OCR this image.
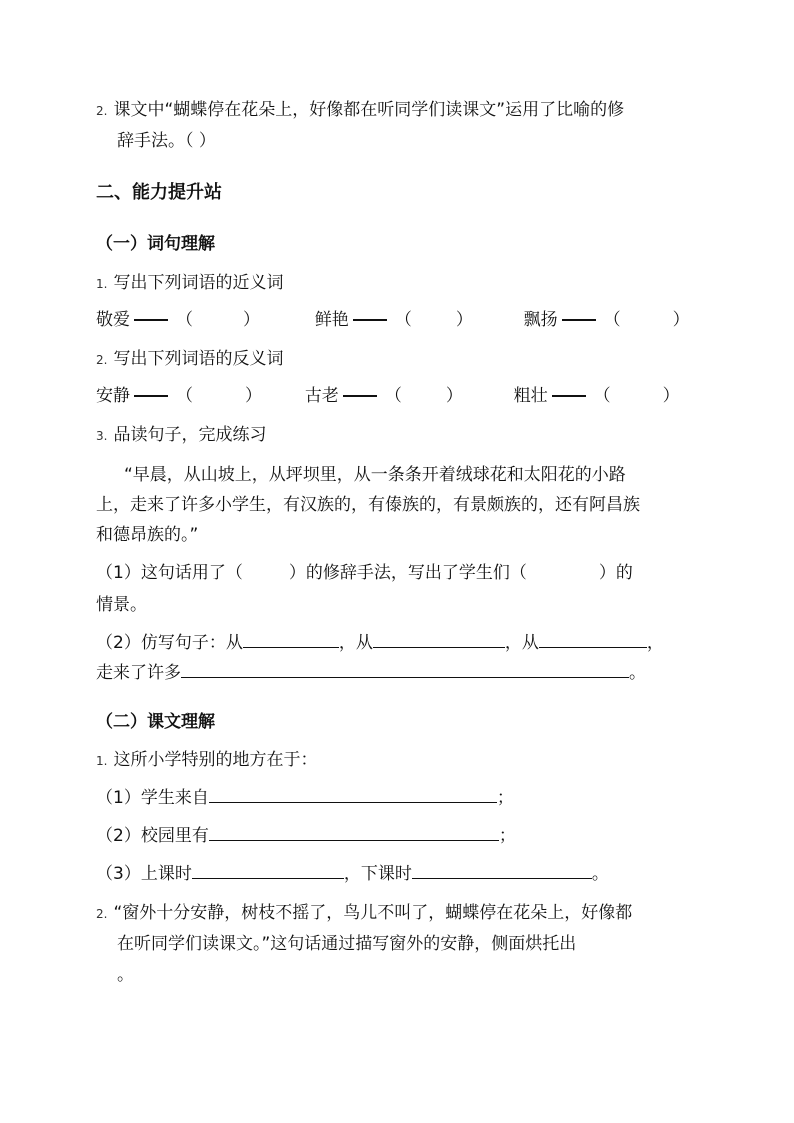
2. 课文中“蝴蝶停在花朵上，好像都在听同学们读课文”运用了比喻的修
辞手法。（ ）
二、能力提升站
（一）词句理解
1. 写出下列词语的近义词
敬爱	（	）	鲜艳	（	）	飘扬	（	）
2. 写出下列词语的反义词
安静	（	）	古老	（	）	粗壮	（	）
3. 品读句子，完成练习
“早晨，从山坡上，从坪坝里，从一条条开着绒球花和太阳花的小路
上，走来了许多小学生，有汉族的，有傣族的，有景颇族的，还有阿昌族
和德昂族的。”
（1）这句话用了（	）的修辞手法，写出了学生们（	）的
情景。
（2）仿写句子：从	，从	，从	，
走来了许多	。
（二）课文理解
1. 这所小学特别的地方在于：
（1）学生来自	；
（2）校园里有	；
（3）上课时	，下课时	。
2. “窗外十分安静，树枝不摇了，鸟儿不叫了，蝴蝶停在花朵上，好像都
在听同学们读课文。”这句话通过描写窗外的安静，侧面烘托出
。
